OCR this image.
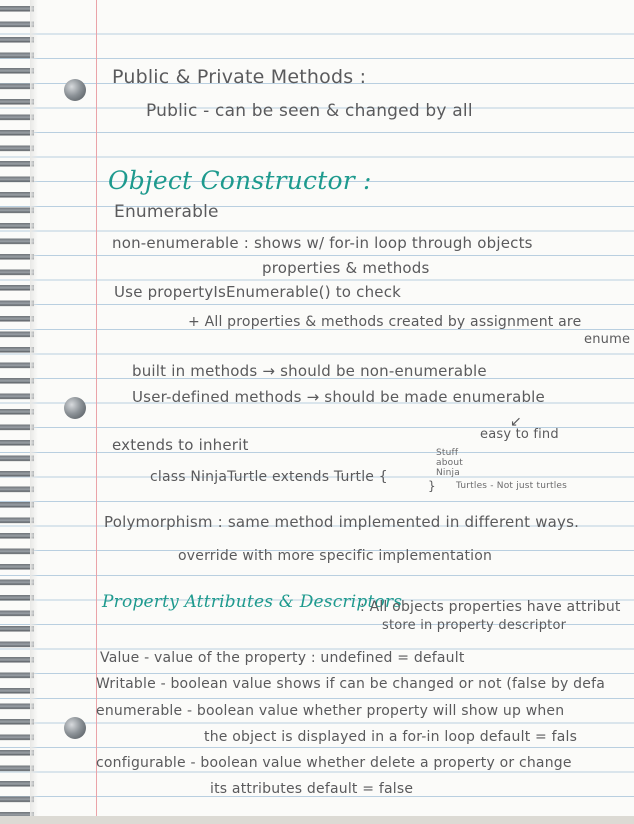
Public & Private Methods :
Public - can be seen & changed by all
Object Constructor :
Enumerable
non-enumerable : shows w/ for-in loop through objects
properties & methods
Use propertyIsEnumerable() to check
+ All properties & methods created by assignment are
enume
built in methods → should be non-enumerable
User-defined methods → should be made enumerable
↙
easy to find
extends to inherit
class NinjaTurtle extends Turtle {
}
Stuff about Ninja
Turtles - Not just turtles
Polymorphism : same method implemented in different ways.
override with more specific implementation
Property Attributes & Descriptors
: All objects properties have attribut
store in property descriptor
Value - value of the property : undefined = default
Writable - boolean value shows if can be changed or not (false by defa
enumerable - boolean value whether property will show up when
the object is displayed in a for-in loop default = fals
configurable - boolean value whether delete a property or change
its attributes default = false
